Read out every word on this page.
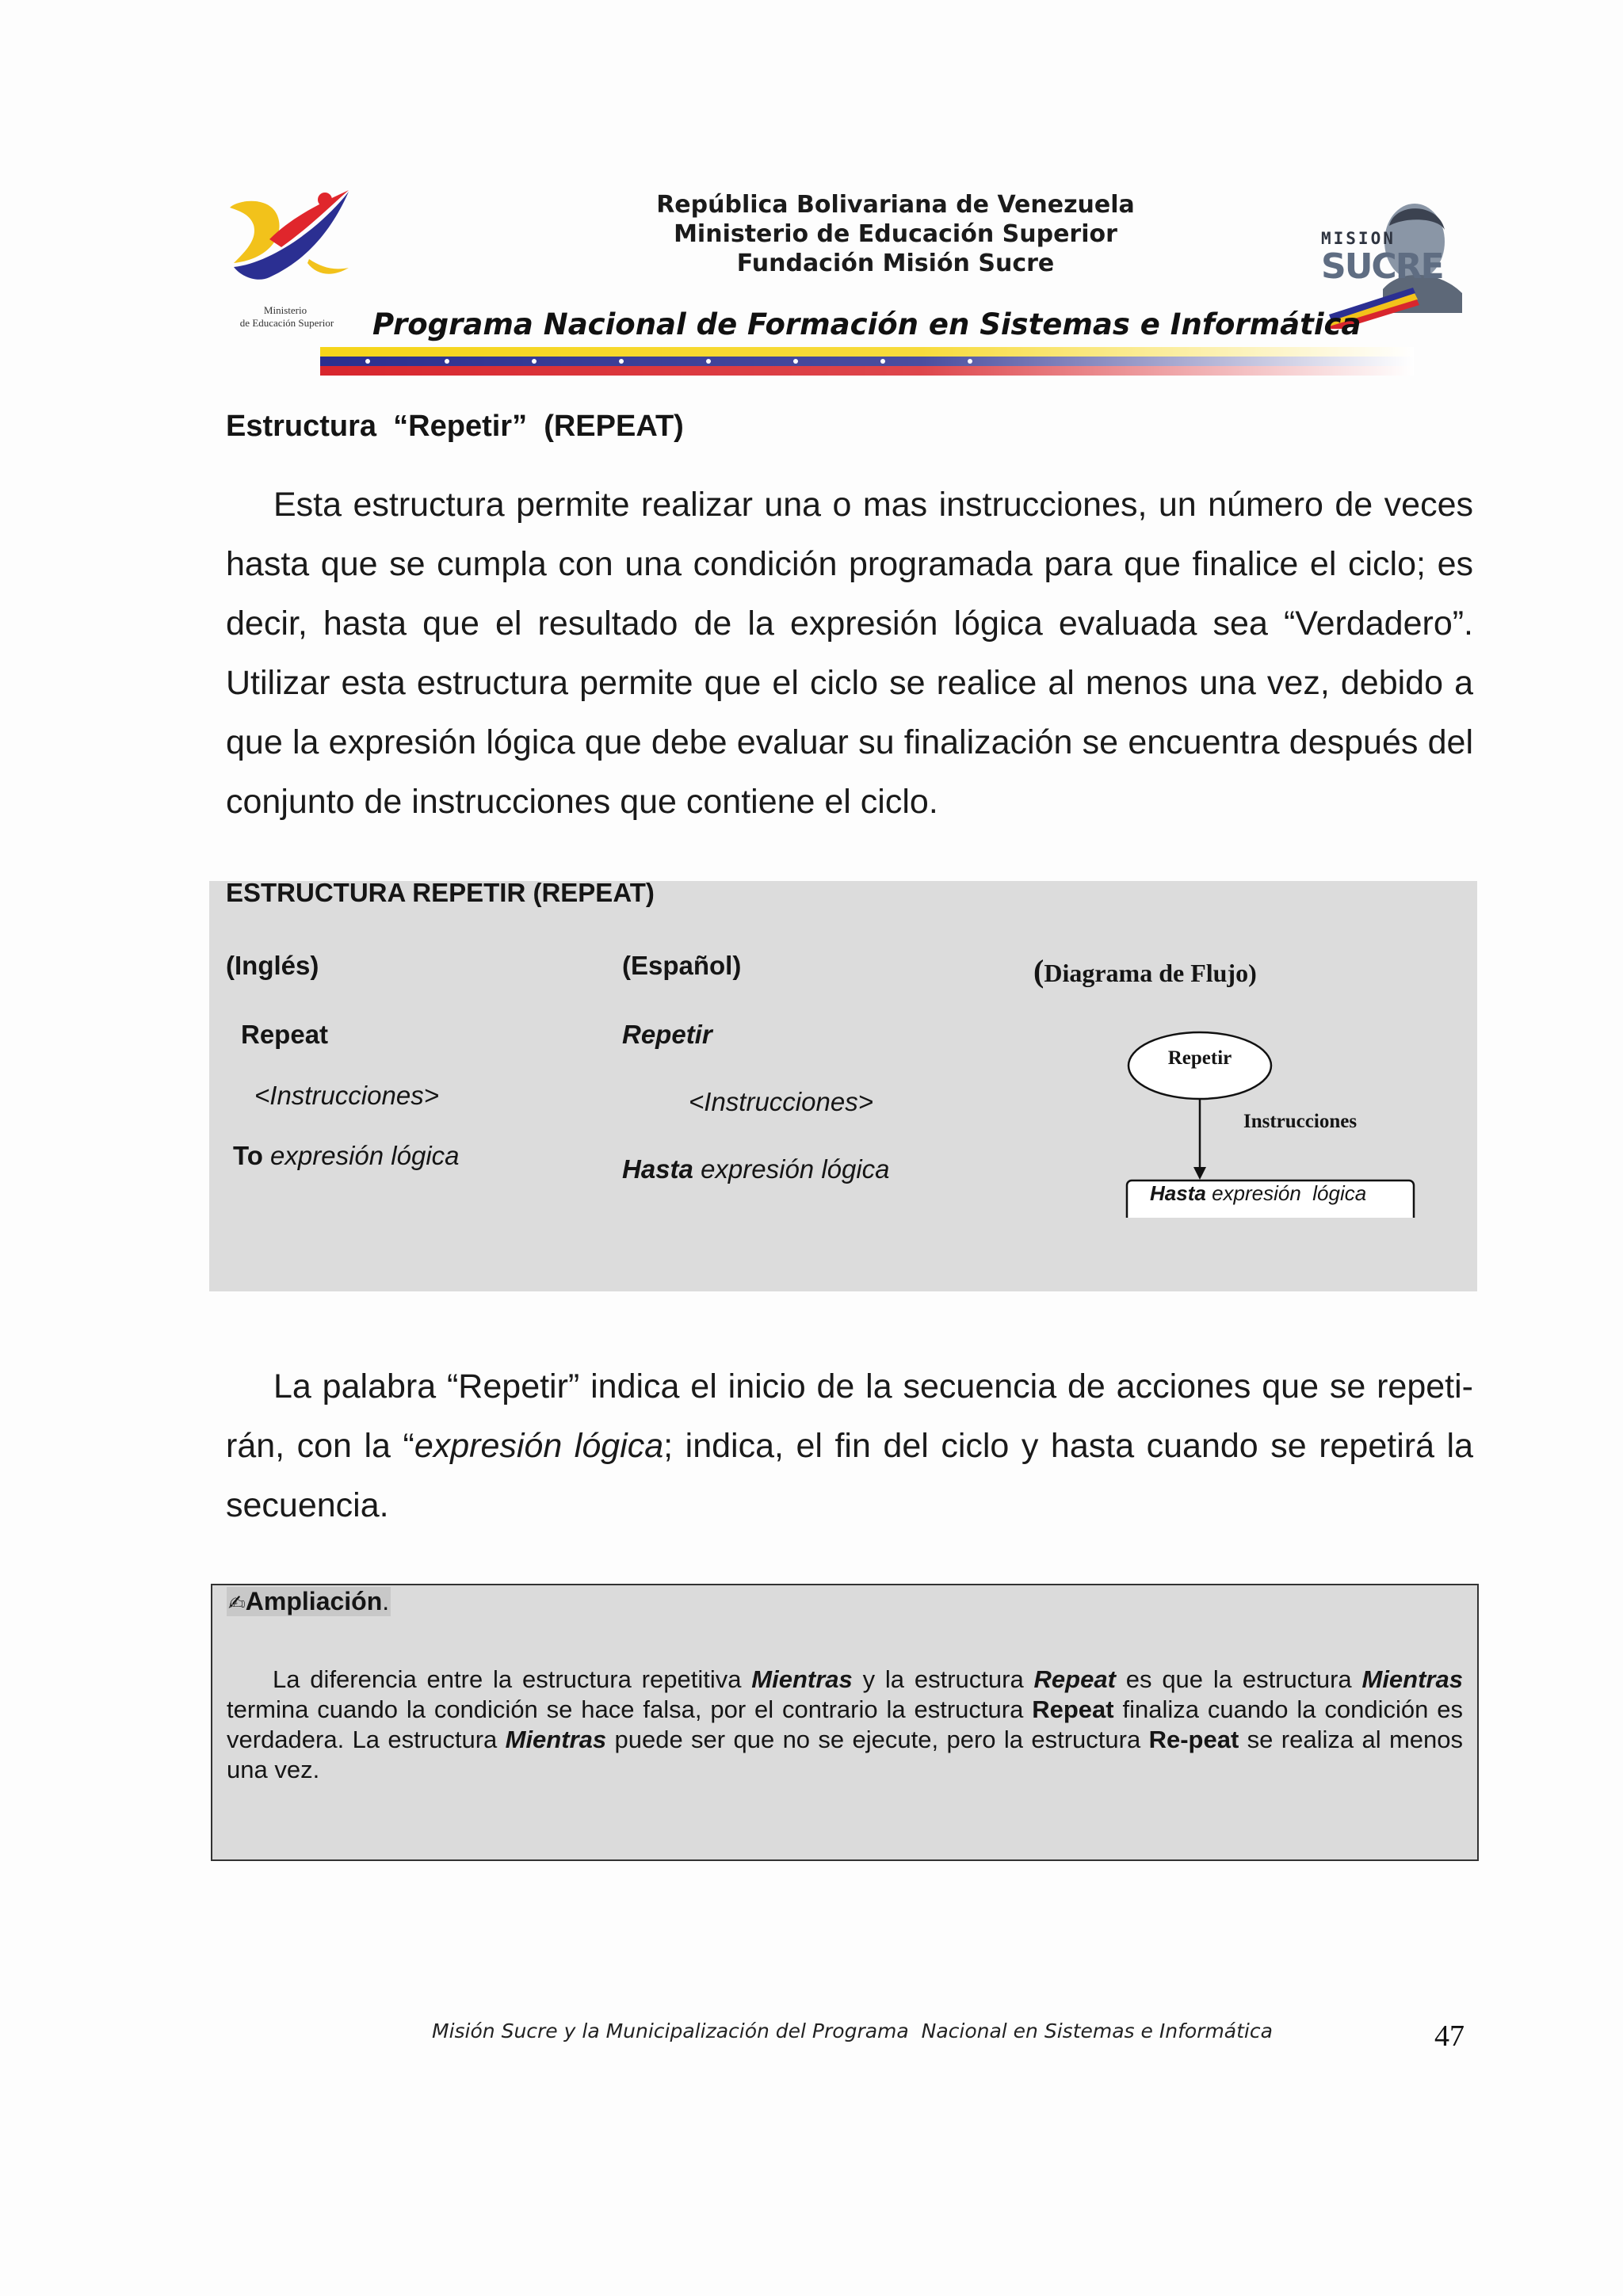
Ministerio
de Educación Superior
República Bolivariana de Venezuela
Ministerio de Educación Superior
Fundación Misión Sucre
MISION
SUCRE
Programa Nacional de Formación en Sistemas e Informática
Estructura  “Repetir”  (REPEAT)
Esta estructura permite realizar una o mas instrucciones, un número de veces hasta que se cumpla con una condición programada para que finalice el ciclo; es decir, hasta que el resultado de la expresión lógica evaluada sea “Verdadero”. Utilizar esta estructura permite que el ciclo se realice al menos una vez, debido a que la expresión lógica que debe evaluar su finalización se encuentra después del conjunto de instrucciones que contiene el ciclo.
ESTRUCTURA REPETIR (REPEAT)
(Inglés)
Repeat
<Instrucciones>
To expresión lógica
(Español)
Repetir
<Instrucciones>
Hasta expresión lógica
(Diagrama de Flujo)
Repetir
Instrucciones
Hasta expresión  lógica
La palabra “Repetir” indica el inicio de la secuencia de acciones que se repeti-rán, con la “expresión lógica; indica, el fin del ciclo y hasta cuando se repetirá la secuencia.
✍Ampliación.
La diferencia entre la estructura repetitiva Mientras y la estructura Repeat es que la estructura Mientras termina cuando la condición se hace falsa, por el contrario la estructura Repeat finaliza cuando la condición es verdadera. La estructura Mientras puede ser que no se ejecute, pero la estructura Re-peat se realiza al menos una vez.
Misión Sucre y la Municipalización del Programa  Nacional en Sistemas e Informática	47
